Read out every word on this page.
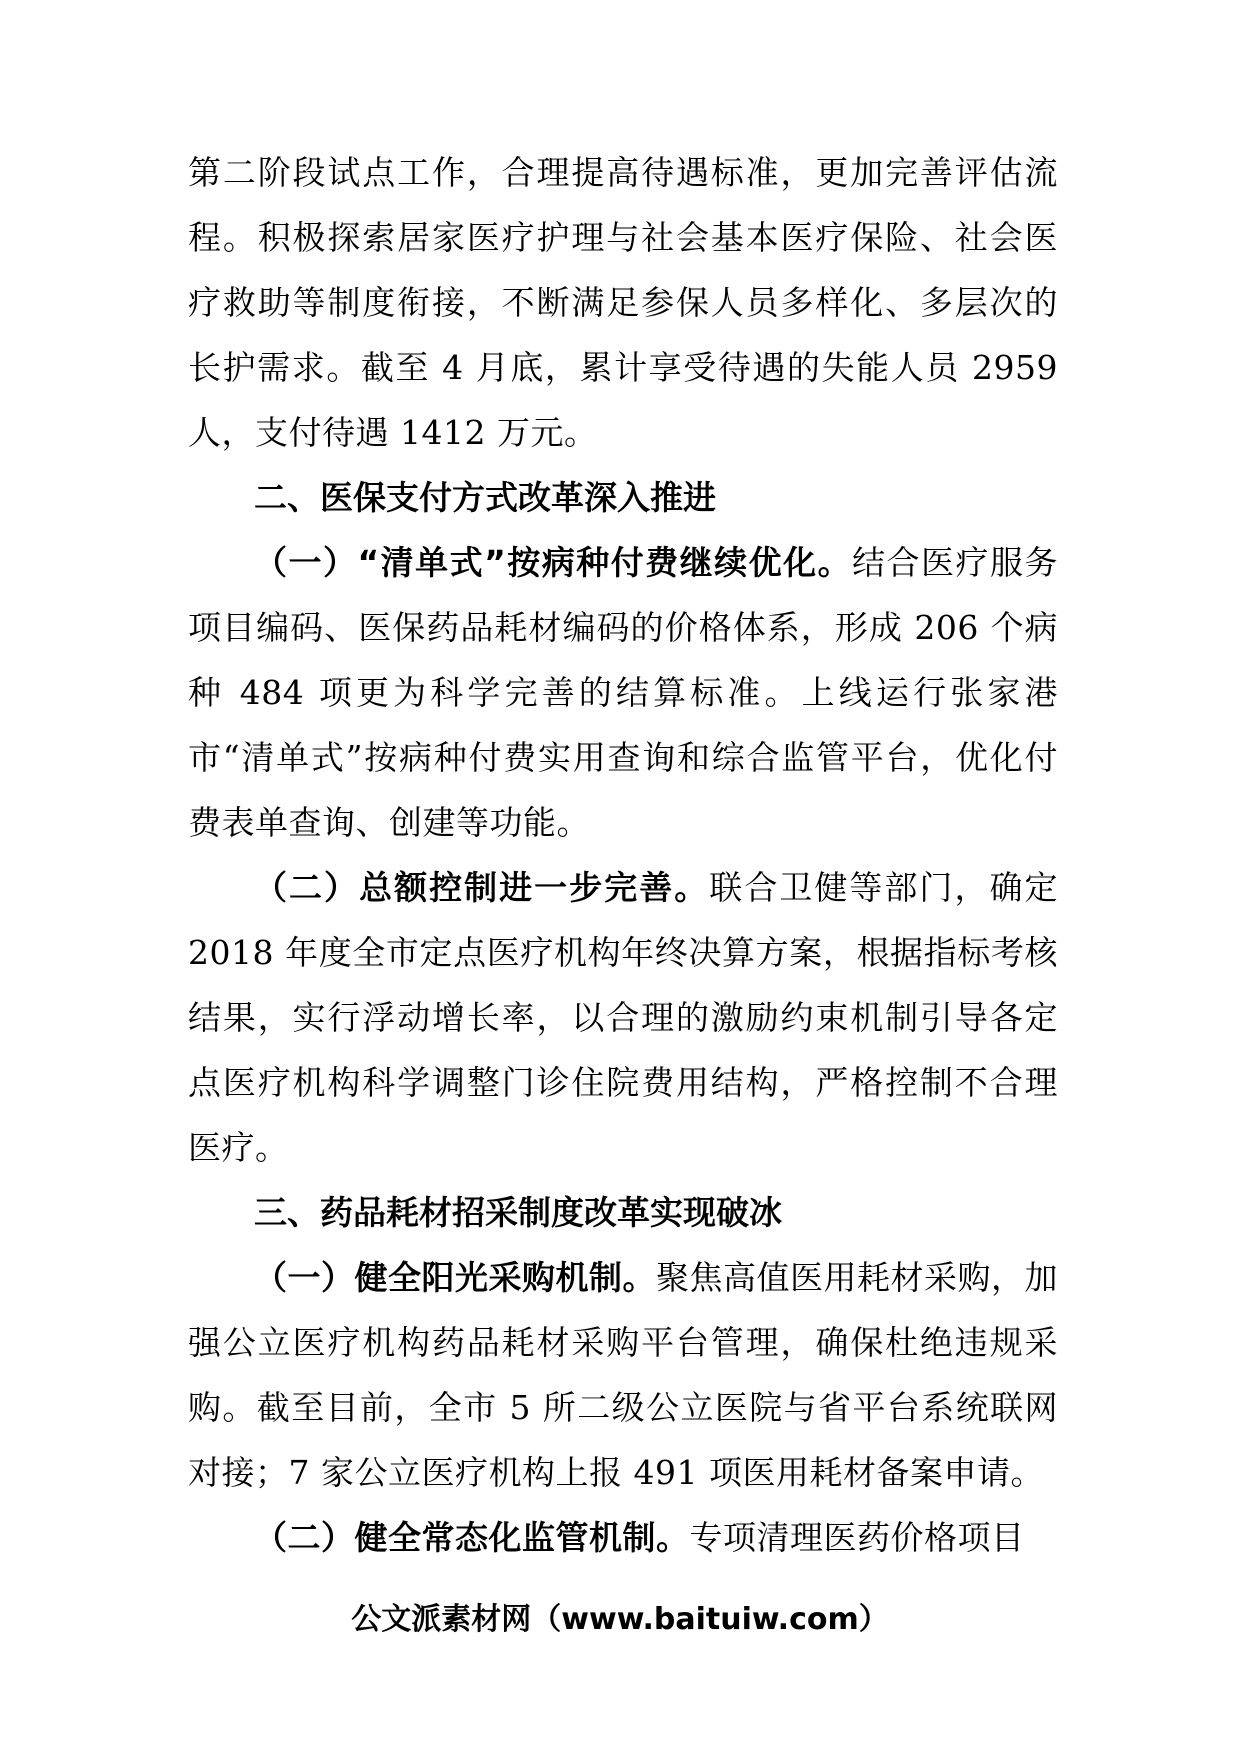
第二阶段试点工作，合理提高待遇标准，更加完善评估流程。积极探索居家医疗护理与社会基本医疗保险、社会医疗救助等制度衔接，不断满足参保人员多样化、多层次的长护需求。截至 4 月底，累计享受待遇的失能人员 2959 人，支付待遇 1412 万元。

二、医保支付方式改革深入推进

（一）“清单式”按病种付费继续优化。结合医疗服务项目编码、医保药品耗材编码的价格体系，形成 206 个病种 484 项更为科学完善的结算标准。上线运行张家港市“清单式”按病种付费实用查询和综合监管平台，优化付费表单查询、创建等功能。

（二）总额控制进一步完善。联合卫健等部门，确定 2018 年度全市定点医疗机构年终决算方案，根据指标考核结果，实行浮动增长率，以合理的激励约束机制引导各定点医疗机构科学调整门诊住院费用结构，严格控制不合理医疗。

三、药品耗材招采制度改革实现破冰

（一）健全阳光采购机制。聚焦高值医用耗材采购，加强公立医疗机构药品耗材采购平台管理，确保杜绝违规采购。截至目前，全市 5 所二级公立医院与省平台系统联网对接；7 家公立医疗机构上报 491 项医用耗材备案申请。

（二）健全常态化监管机制。专项清理医药价格项目

公文派素材网（www.baituiw.com）
